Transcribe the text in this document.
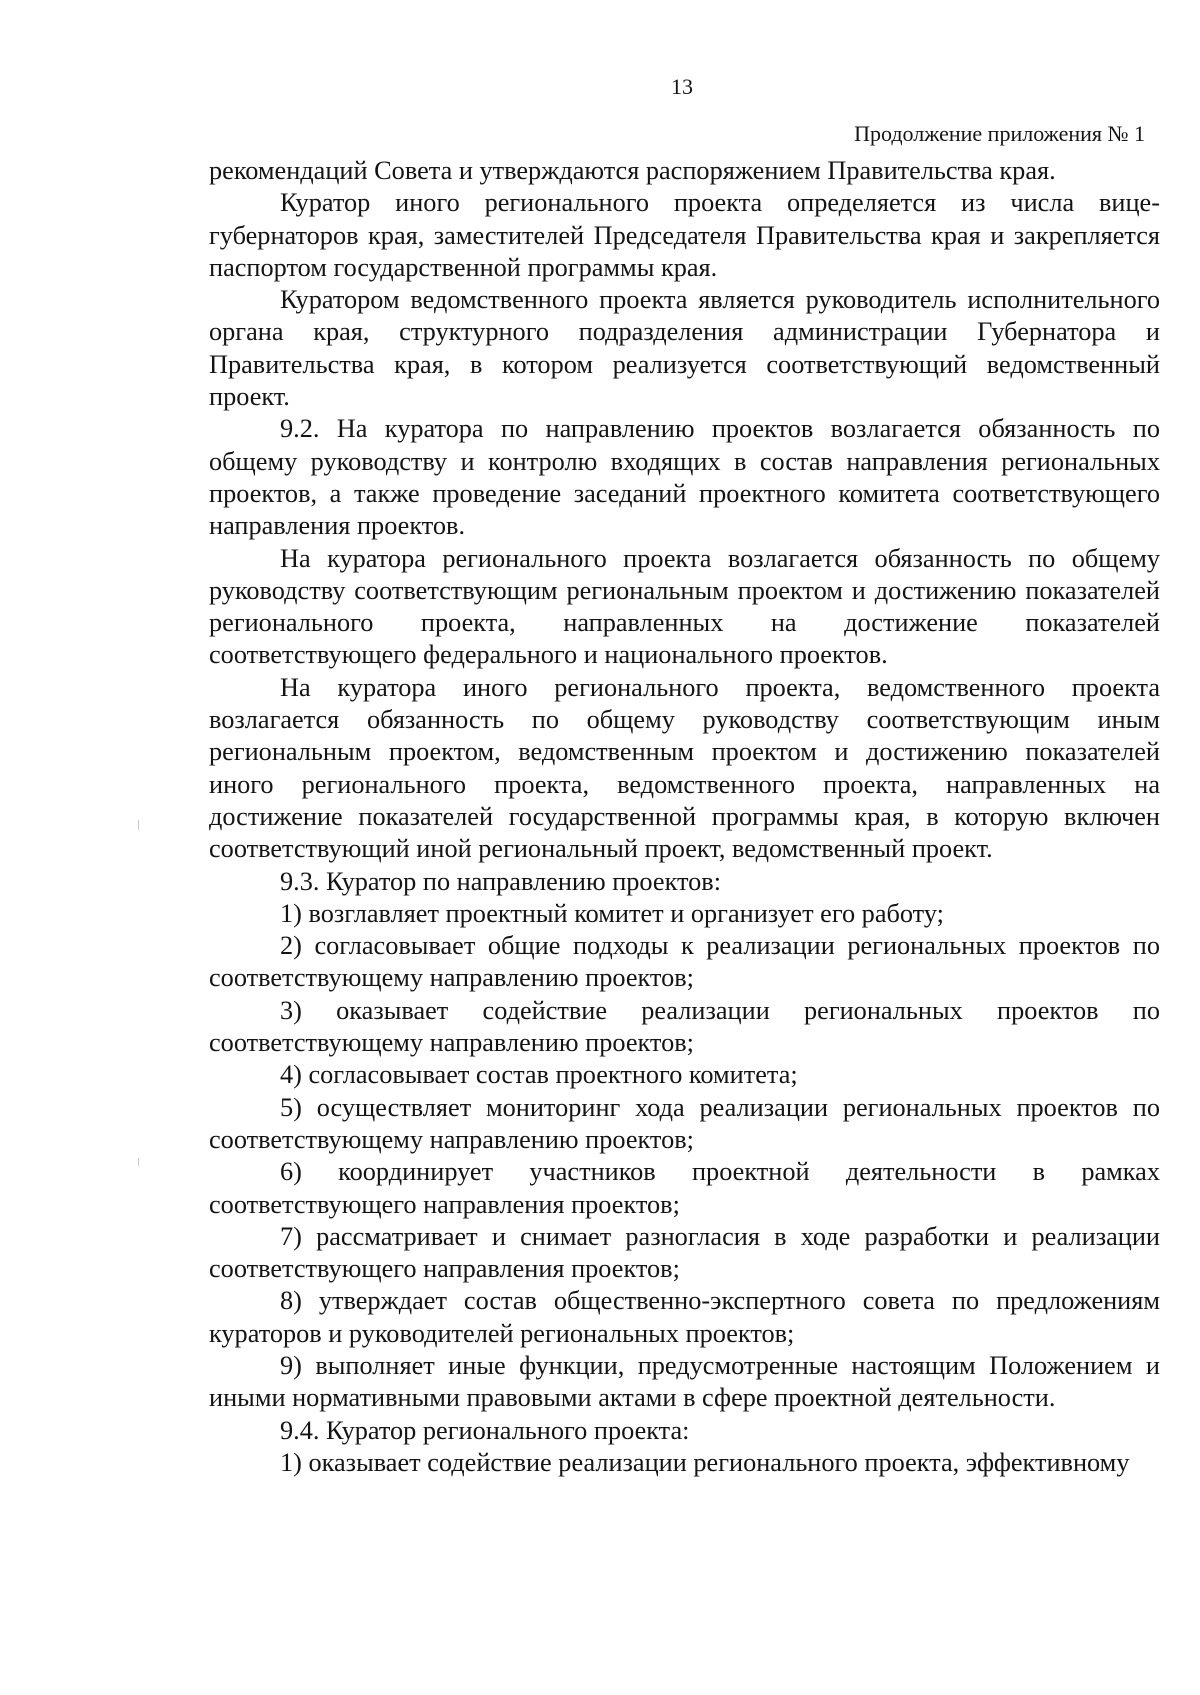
13
Продолжение приложения № 1

рекомендаций Совета и утверждаются распоряжением Правительства края.

Куратор иного регионального проекта определяется из числа вице-губернаторов края, заместителей Председателя Правительства края и закрепляется паспортом государственной программы края.

Куратором ведомственного проекта является руководитель исполнительного органа края, структурного подразделения администрации Губернатора и Правительства края, в котором реализуется соответствующий ведомственный проект.

9.2. На куратора по направлению проектов возлагается обязанность по общему руководству и контролю входящих в состав направления региональных проектов, а также проведение заседаний проектного комитета соответствующего направления проектов.

На куратора регионального проекта возлагается обязанность по общему руководству соответствующим региональным проектом и достижению показателей регионального проекта, направленных на достижение показателей соответствующего федерального и национального проектов.

На куратора иного регионального проекта, ведомственного проекта возлагается обязанность по общему руководству соответствующим иным региональным проектом, ведомственным проектом и достижению показателей иного регионального проекта, ведомственного проекта, направленных на достижение показателей государственной программы края, в которую включен соответствующий иной региональный проект, ведомственный проект.

9.3. Куратор по направлению проектов:

1) возглавляет проектный комитет и организует его работу;

2) согласовывает общие подходы к реализации региональных проектов по соответствующему направлению проектов;

3) оказывает содействие реализации региональных проектов по соответствующему направлению проектов;

4) согласовывает состав проектного комитета;

5) осуществляет мониторинг хода реализации региональных проектов по соответствующему направлению проектов;

6) координирует участников проектной деятельности в рамках соответствующего направления проектов;

7) рассматривает и снимает разногласия в ходе разработки и реализации соответствующего направления проектов;

8) утверждает состав общественно-экспертного совета по предложениям кураторов и руководителей региональных проектов;

9) выполняет иные функции, предусмотренные настоящим Положением и иными нормативными правовыми актами в сфере проектной деятельности.

9.4. Куратор регионального проекта:

1) оказывает содействие реализации регионального проекта, эффективному
